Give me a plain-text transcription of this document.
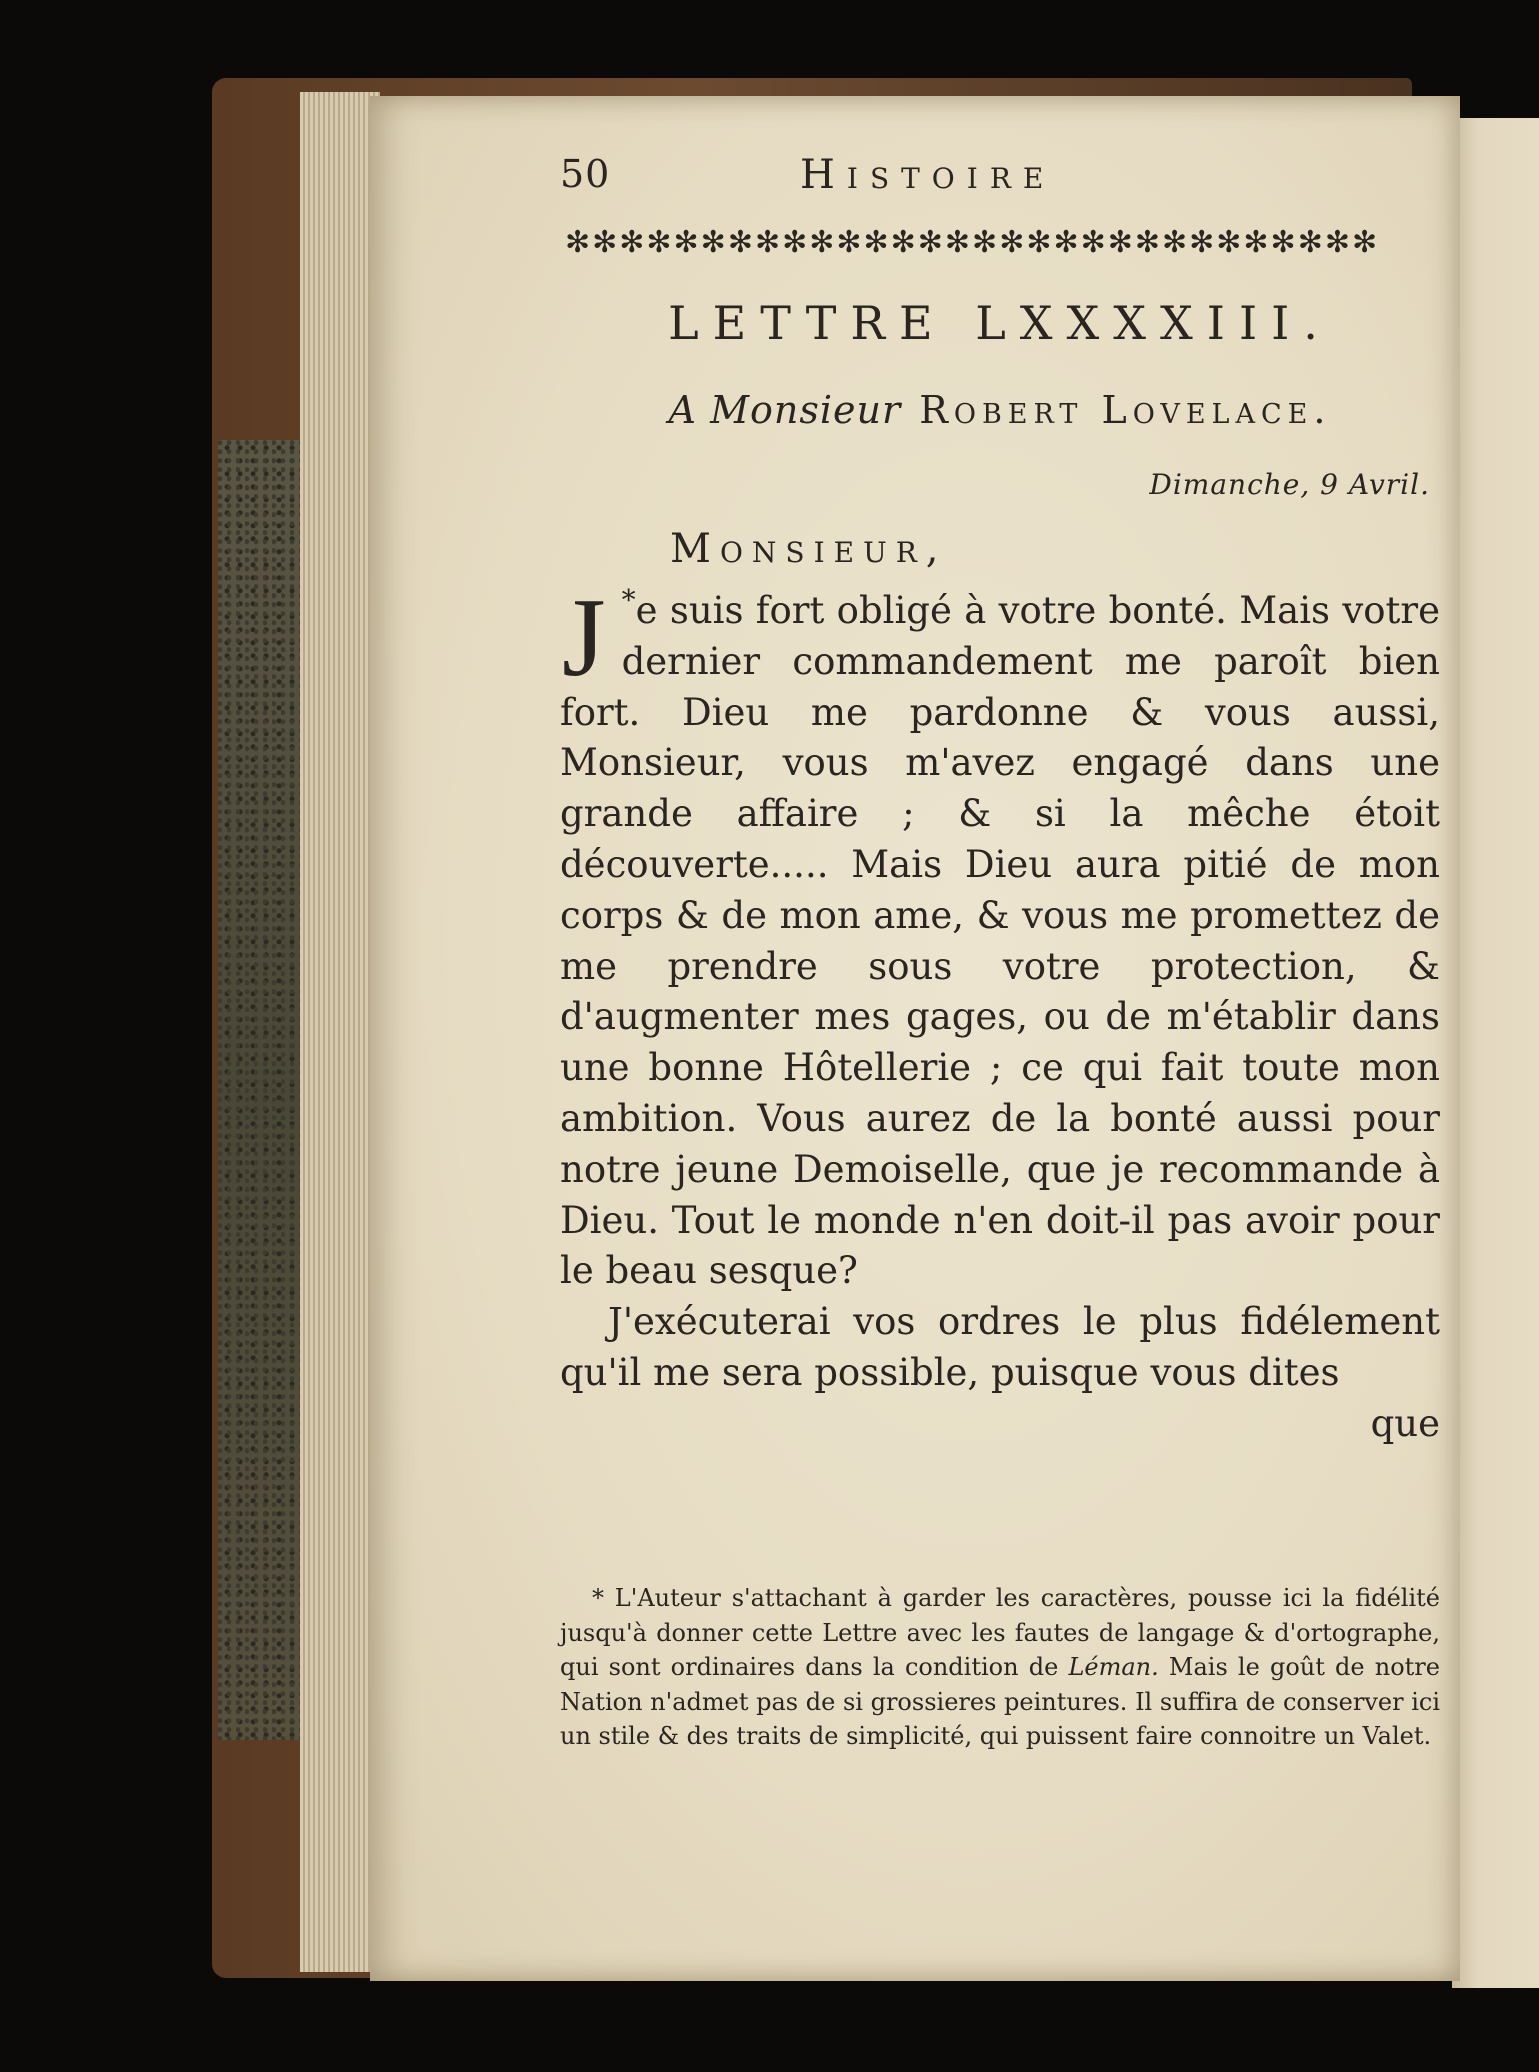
50	Histoire
✻✻✻✻✻✻✻✻✻✻✻✻✻✻✻✻✻✻✻✻✻✻✻✻✻✻✻✻✻✻
LETTRE LXXXXIII.
A Monsieur Robert Lovelace.
Dimanche, 9 Avril.
Monsieur,

*
J e suis fort obligé à votre bonté. Mais votre dernier commandement me paroît bien fort. Dieu me pardonne & vous aussi, Monsieur, vous m'avez engagé dans une grande affaire ; & si la mêche étoit découverte..... Mais Dieu aura pitié de mon corps & de mon ame, & vous me promettez de me prendre sous votre protection, & d'augmenter mes gages, ou de m'établir dans une bonne Hôtellerie ; ce qui fait toute mon ambition. Vous aurez de la bonté aussi pour notre jeune Demoiselle, que je recommande à Dieu. Tout le monde n'en doit-il pas avoir pour le beau sesque?

J'exécuterai vos ordres le plus fidélement qu'il me sera possible, puisque vous dites

que

* L'Auteur s'attachant à garder les caractères, pousse ici la fidélité jusqu'à donner cette Lettre avec les fautes de langage & d'ortographe, qui sont ordinaires dans la condition de Léman. Mais le goût de notre Nation n'admet pas de si grossieres peintures. Il suffira de conserver ici un stile & des traits de simplicité, qui puissent faire connoitre un Valet.
